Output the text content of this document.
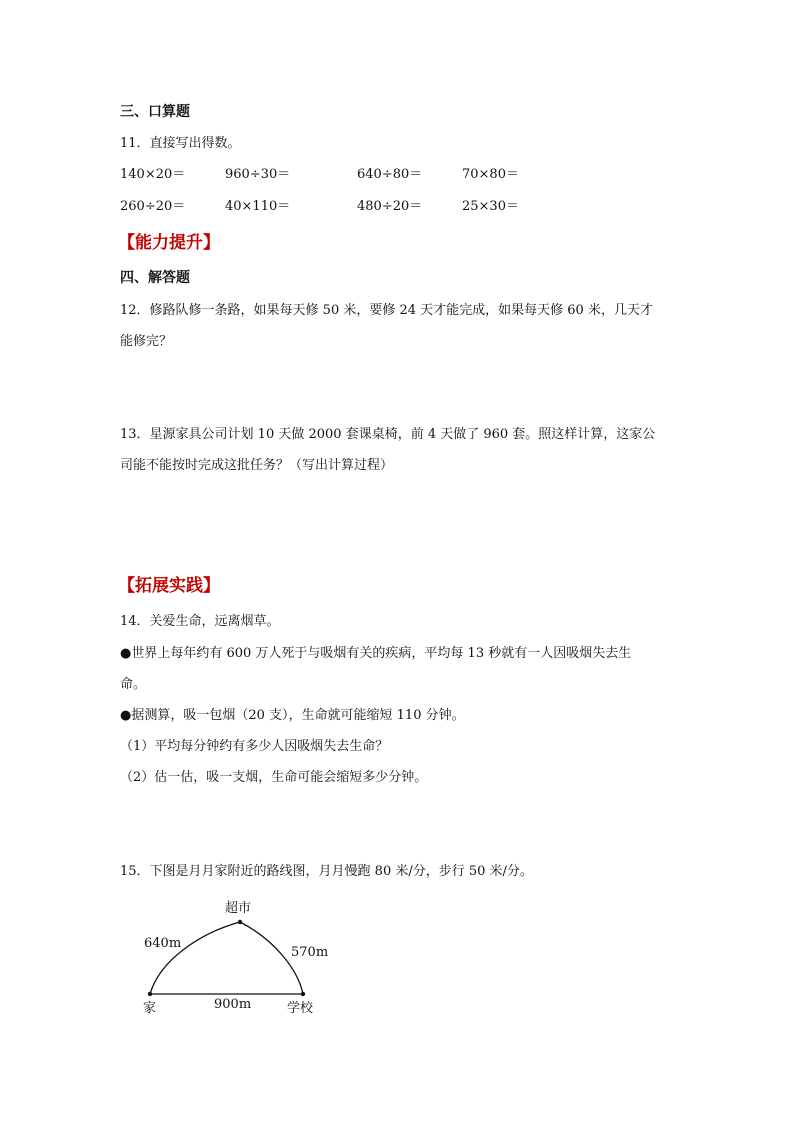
三、口算题
11．直接写出得数。
140×20＝	960÷30＝	640÷80＝	70×80＝
260÷20＝	40×110＝	480÷20＝	25×30＝
【能力提升】
四、解答题
12．修路队修一条路，如果每天修 50 米，要修 24 天才能完成，如果每天修 60 米，几天才
能修完？
13．星源家具公司计划 10 天做 2000 套课桌椅，前 4 天做了 960 套。照这样计算，这家公
司能不能按时完成这批任务？（写出计算过程）
【拓展实践】
14．关爱生命，远离烟草。
●世界上每年约有 600 万人死于与吸烟有关的疾病，平均每 13 秒就有一人因吸烟失去生
命。
●据测算，吸一包烟（20 支），生命就可能缩短 110 分钟。
（1）平均每分钟约有多少人因吸烟失去生命？
（2）估一估，吸一支烟，生命可能会缩短多少分钟。
15．下图是月月家附近的路线图，月月慢跑 80 米/分，步行 50 米/分。
超市
640m
570m
家	900m	学校
